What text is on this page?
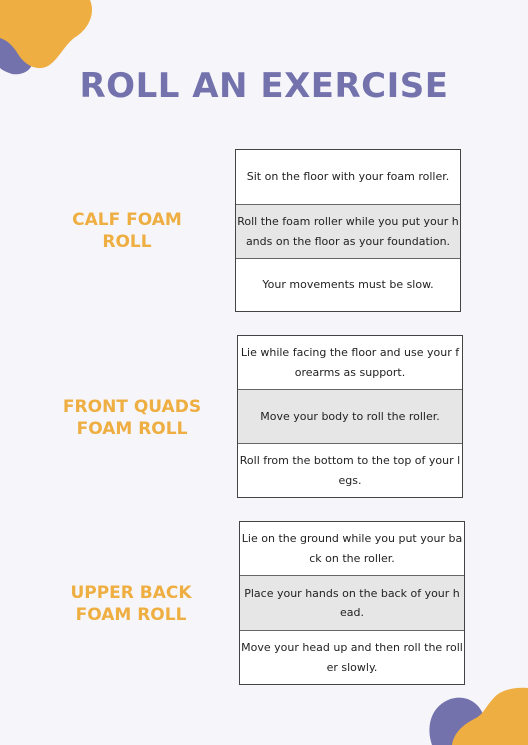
ROLL AN EXERCISE
CALF FOAM
ROLL
Sit on the floor with your foam roller.
Roll the foam roller while you put your hands on the floor as your foundation.
Your movements must be slow.
FRONT QUADS
FOAM ROLL
Lie while facing the floor and use your forearms as support.
Move your body to roll the roller.
Roll from the bottom to the top of your legs.
UPPER BACK
FOAM ROLL
Lie on the ground while you put your back on the roller.
Place your hands on the back of your head.
Move your head up and then roll the roller slowly.
